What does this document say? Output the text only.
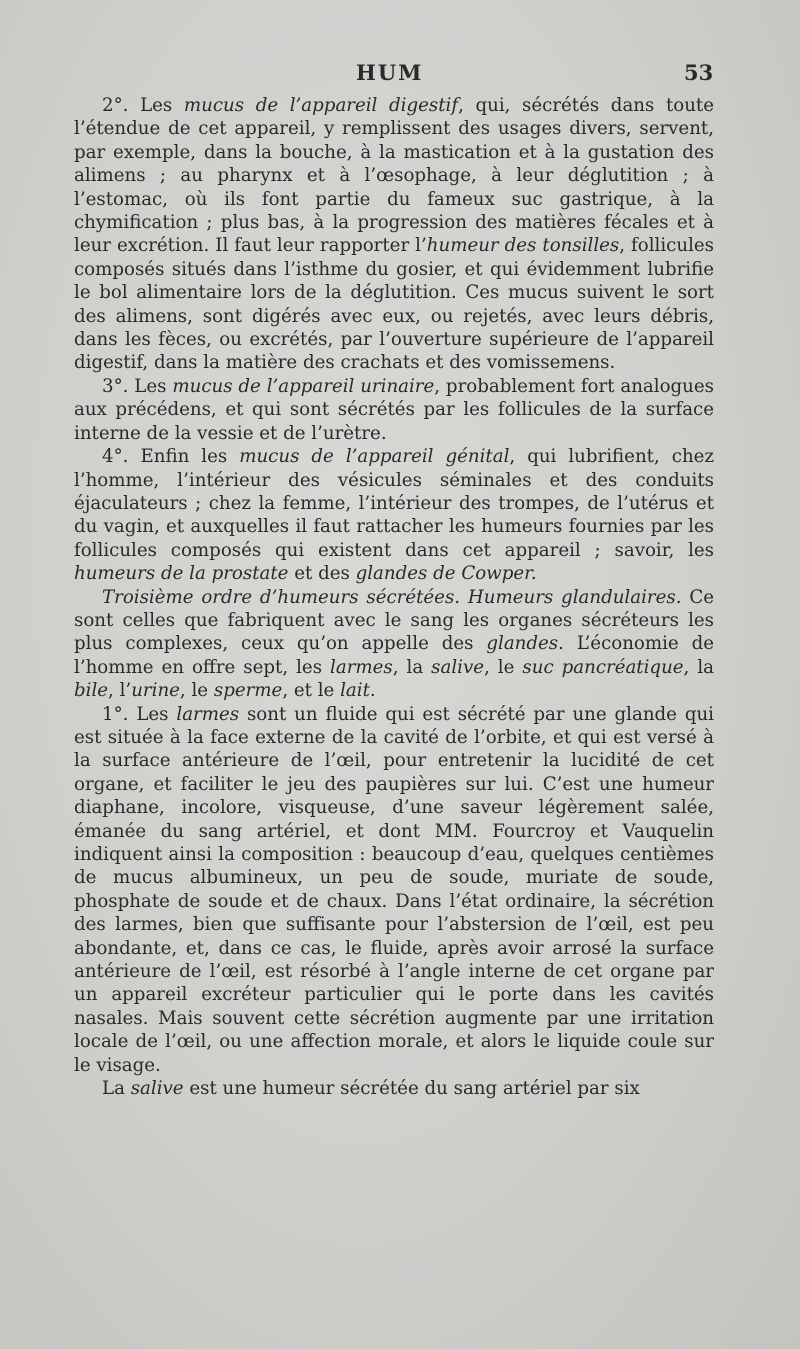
HUM	53

2°. Les mucus de l’appareil digestif, qui, sécrétés dans toute l’étendue de cet appareil, y remplissent des usages divers, servent, par exemple, dans la bouche, à la mastication et à la gustation des alimens ; au pharynx et à l’œsophage, à leur déglutition ; à l’estomac, où ils font partie du fameux suc gastrique, à la chymification ; plus bas, à la progression des matières fécales et à leur excrétion. Il faut leur rapporter l’humeur des tonsilles, follicules composés situés dans l’isthme du gosier, et qui évidemment lubrifie le bol alimentaire lors de la déglutition. Ces mucus suivent le sort des alimens, sont digérés avec eux, ou rejetés, avec leurs débris, dans les fèces, ou excrétés, par l’ouverture supérieure de l’appareil digestif, dans la matière des crachats et des vomissemens.

3°. Les mucus de l’appareil urinaire, probablement fort analogues aux précédens, et qui sont sécrétés par les follicules de la surface interne de la vessie et de l’urètre.

4°. Enfin les mucus de l’appareil génital, qui lubrifient, chez l’homme, l’intérieur des vésicules séminales et des conduits éjaculateurs ; chez la femme, l’intérieur des trompes, de l’utérus et du vagin, et auxquelles il faut rattacher les humeurs fournies par les follicules composés qui existent dans cet appareil ; savoir, les humeurs de la prostate et des glandes de Cowper.

Troisième ordre d’humeurs sécrétées. Humeurs glandulaires. Ce sont celles que fabriquent avec le sang les organes sécréteurs les plus complexes, ceux qu’on appelle des glandes. L’économie de l’homme en offre sept, les larmes, la salive, le suc pancréatique, la bile, l’urine, le sperme, et le lait.

1°. Les larmes sont un fluide qui est sécrété par une glande qui est située à la face externe de la cavité de l’orbite, et qui est versé à la surface antérieure de l’œil, pour entretenir la lucidité de cet organe, et faciliter le jeu des paupières sur lui. C’est une humeur diaphane, incolore, visqueuse, d’une saveur légèrement salée, émanée du sang artériel, et dont MM. Fourcroy et Vauquelin indiquent ainsi la composition : beaucoup d’eau, quelques centièmes de mucus albumineux, un peu de soude, muriate de soude, phosphate de soude et de chaux. Dans l’état ordinaire, la sécrétion des larmes, bien que suffisante pour l’abstersion de l’œil, est peu abondante, et, dans ce cas, le fluide, après avoir arrosé la surface antérieure de l’œil, est résorbé à l’angle interne de cet organe par un appareil excréteur particulier qui le porte dans les cavités nasales. Mais souvent cette sécrétion augmente par une irritation locale de l’œil, ou une affection morale, et alors le liquide coule sur le visage.

La salive est une humeur sécrétée du sang artériel par six
